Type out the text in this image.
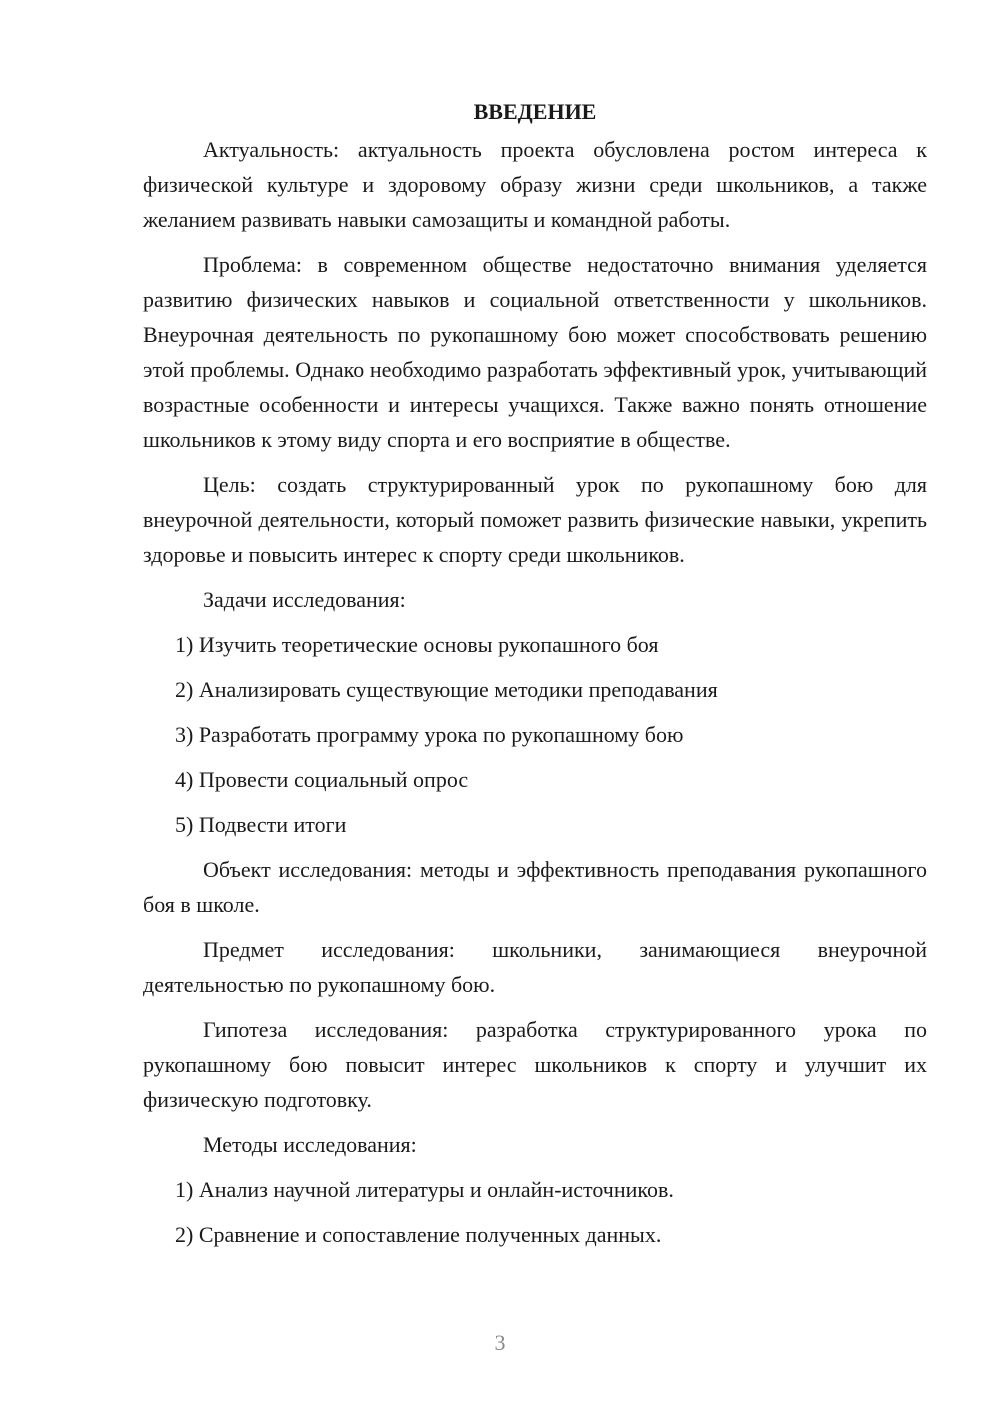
ВВЕДЕНИЕ

Актуальность: актуальность проекта обусловлена ростом интереса к физической культуре и здоровому образу жизни среди школьников, а также желанием развивать навыки самозащиты и командной работы.

Проблема: в современном обществе недостаточно внимания уделяется развитию физических навыков и социальной ответственности у школьников. Внеурочная деятельность по рукопашному бою может способствовать решению этой проблемы. Однако необходимо разработать эффективный урок, учитывающий возрастные особенности и интересы учащихся. Также важно понять отношение школьников к этому виду спорта и его восприятие в обществе.

Цель: создать структурированный урок по рукопашному бою для внеурочной деятельности, который поможет развить физические навыки, укрепить здоровье и повысить интерес к спорту среди школьников.

Задачи исследования:

1) Изучить теоретические основы рукопашного боя
2) Анализировать существующие методики преподавания
3) Разработать программу урока по рукопашному бою
4) Провести социальный опрос
5) Подвести итоги

Объект исследования: методы и эффективность преподавания рукопашного боя в школе.

Предмет исследования: школьники, занимающиеся внеурочной деятельностью по рукопашному бою.

Гипотеза исследования: разработка структурированного урока по рукопашному бою повысит интерес школьников к спорту и улучшит их физическую подготовку.

Методы исследования:

1) Анализ научной литературы и онлайн-источников.
2) Сравнение и сопоставление полученных данных.
3
